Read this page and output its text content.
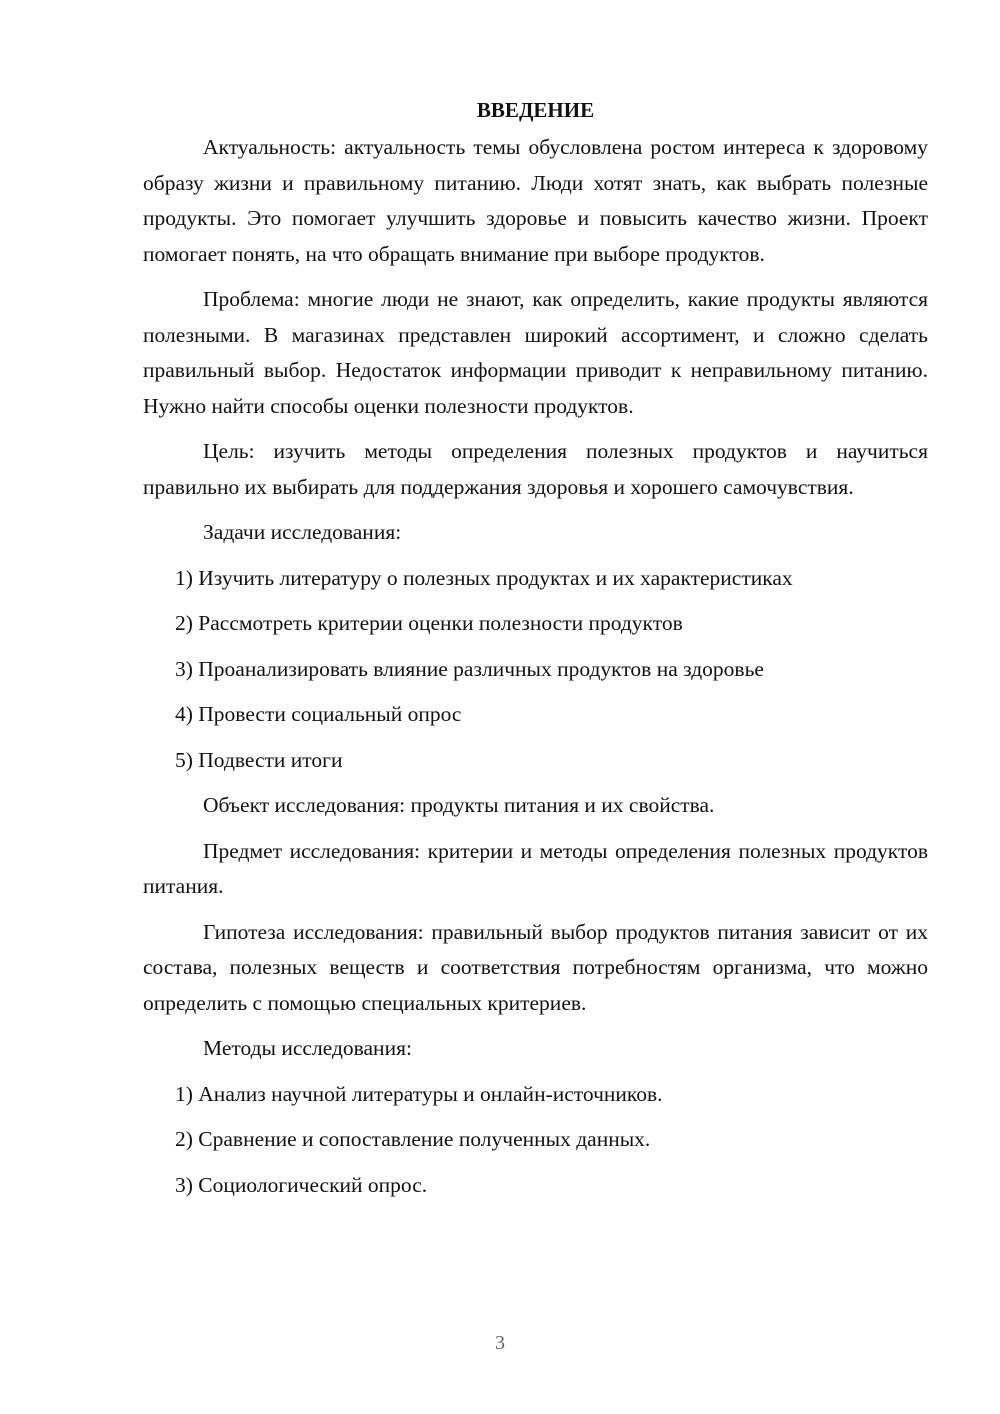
ВВЕДЕНИЕ

Актуальность: актуальность темы обусловлена ростом интереса к здоровому образу жизни и правильному питанию. Люди хотят знать, как выбрать полезные продукты. Это помогает улучшить здоровье и повысить качество жизни. Проект помогает понять, на что обращать внимание при выборе продуктов.

Проблема: многие люди не знают, как определить, какие продукты являются полезными. В магазинах представлен широкий ассортимент, и сложно сделать правильный выбор. Недостаток информации приводит к неправильному питанию. Нужно найти способы оценки полезности продуктов.

Цель: изучить методы определения полезных продуктов и научиться правильно их выбирать для поддержания здоровья и хорошего самочувствия.

Задачи исследования:

1) Изучить литературу о полезных продуктах и их характеристиках

2) Рассмотреть критерии оценки полезности продуктов

3) Проанализировать влияние различных продуктов на здоровье

4) Провести социальный опрос

5) Подвести итоги

Объект исследования: продукты питания и их свойства.

Предмет исследования: критерии и методы определения полезных продуктов питания.

Гипотеза исследования: правильный выбор продуктов питания зависит от их состава, полезных веществ и соответствия потребностям организма, что можно определить с помощью специальных критериев.

Методы исследования:

1) Анализ научной литературы и онлайн-источников.

2) Сравнение и сопоставление полученных данных.

3) Социологический опрос.

3
